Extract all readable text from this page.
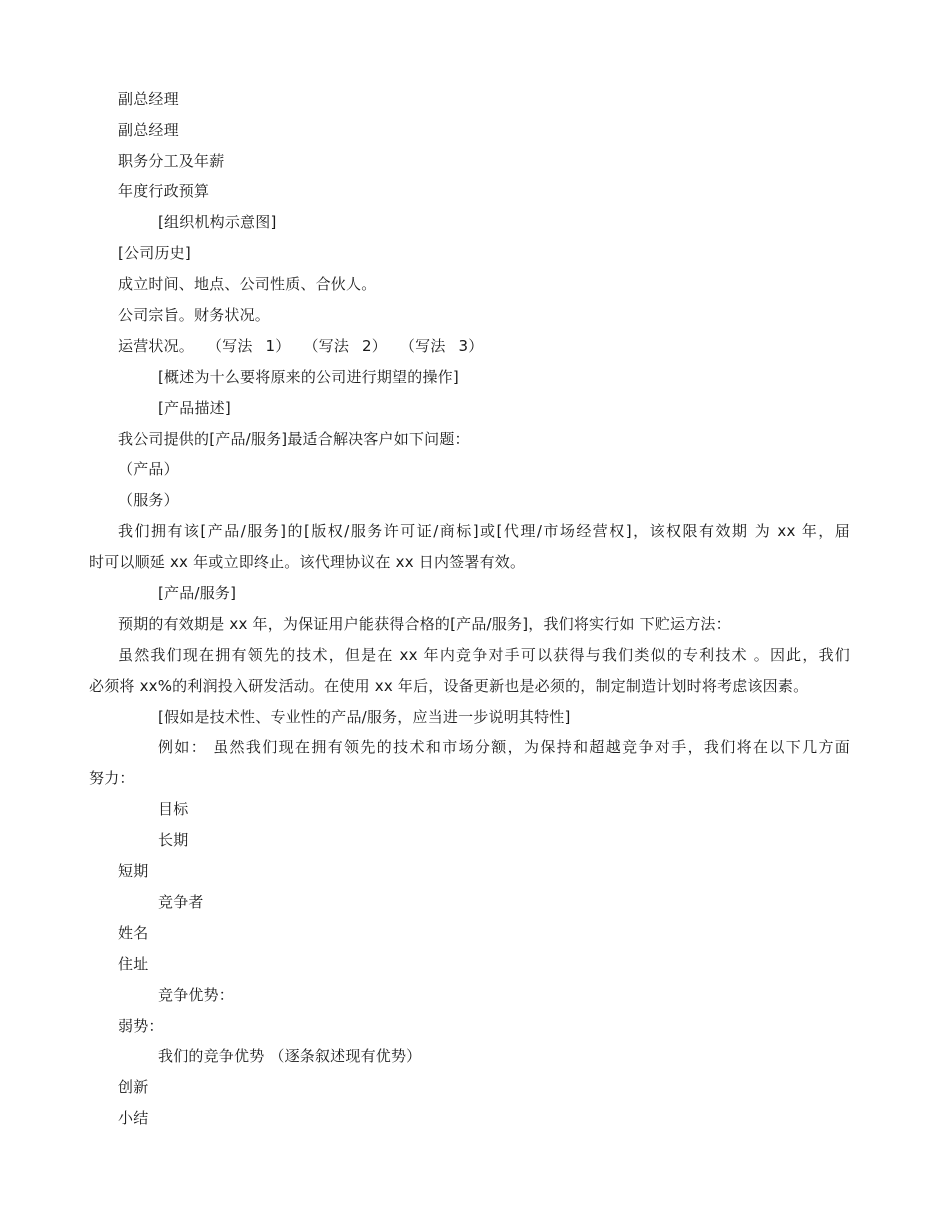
副总经理
副总经理
职务分工及年薪
年度行政预算
[组织机构示意图]
[公司历史]
成立时间、地点、公司性质、合伙人。
公司宗旨。财务状况。
运营状况。 （写法 1） （写法 2） （写法 3）
[概述为十么要将原来的公司进行期望的操作]
[产品描述]
我公司提供的[产品/服务]最适合解决客户如下问题：
（产品）
（服务）
我们拥有该[产品/服务]的[版权/服务许可证/商标]或[代理/市场经营权]，该权限有效期 为 xx 年，届
时可以顺延 xx 年或立即终止。该代理协议在 xx 日内签署有效。
[产品/服务]
预期的有效期是 xx 年，为保证用户能获得合格的[产品/服务]，我们将实行如 下贮运方法：
虽然我们现在拥有领先的技术，但是在 xx 年内竞争对手可以获得与我们类似的专利技术 。因此，我们
必须将 xx%的利润投入研发活动。在使用 xx 年后，设备更新也是必须的，制定制造计划时将考虑该因素。
[假如是技术性、专业性的产品/服务，应当进一步说明其特性]
例如： 虽然我们现在拥有领先的技术和市场分额，为保持和超越竞争对手，我们将在以下几方面
努力：
目标
长期
短期
竞争者
姓名
住址
竞争优势：
弱势：
我们的竞争优势 （逐条叙述现有优势）
创新
小结
